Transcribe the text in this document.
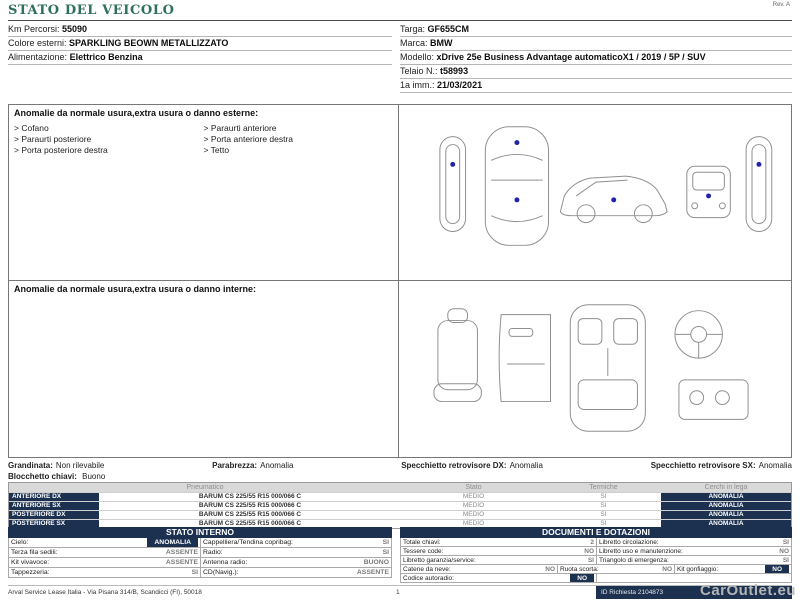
Rev. A
STATO DEL VEICOLO
Km Percorsi: 55090
Colore esterni: SPARKLING BEOWN METALLIZZATO
Alimentazione: Elettrico Benzina
Targa: GF655CM
Marca: BMW
Modello: xDrive 25e Business Advantage automaticoX1 / 2019 / 5P / SUV
Telaio N.: t58993
1a imm.: 21/03/2021
Anomalie da normale usura,extra usura o danno esterne:
> Cofano
> Paraurti posteriore
> Porta posteriore destra
> Paraurti anteriore
> Porta anteriore destra
> Tetto
Anomalie da normale usura,extra usura o danno interne:
Grandinata: Non rilevabile	Parabrezza: Anomalia	Specchietto retrovisore DX: Anomalia	Specchietto retrovisore SX: Anomalia
Blocchetto chiavi: Buono
Pneumatico	Stato	Termiche	Cerchi in lega
ANTERIORE DX	BARUM CS 225/55 R15 000/066 C	MEDIO	SI	ANOMALIA
ANTERIORE SX	BARUM CS 225/55 R15 000/066 C	MEDIO	SI	ANOMALIA
POSTERIORE DX	BARUM CS 225/55 R15 000/066 C	MEDIO	SI	ANOMALIA
POSTERIORE SX	BARUM CS 225/55 R15 000/066 C	MEDIO	SI	ANOMALIA
STATO INTERNO
Cielo:	ANOMALIA	Cappelliera/Tendina copribag:	SI
Terza fila sedili:	ASSENTE Radio:	SI
Kit vivavoce:	ASSENTE Antenna radio:	BUONO
Tappezzeria:	SI CD(Navig.):	ASSENTE
DOCUMENTI E DOTAZIONI
Totale chiavi:	2 Libretto circolazione:	SI
Tessere code:	NO Libretto uso e manutenzione:	NO
Libretto garanzia/service:	SI Triangolo di emergenza:	SI
Catene da neve:	NO Ruota scorta:	NO Kit gonfiaggio:	NO
Codice autoradio:	NO
Arval Service Lease Italia - Via Pisana 314/B, Scandicci (FI), 50018	1	ID Richiesta 2104873	CarOutlet.eu
